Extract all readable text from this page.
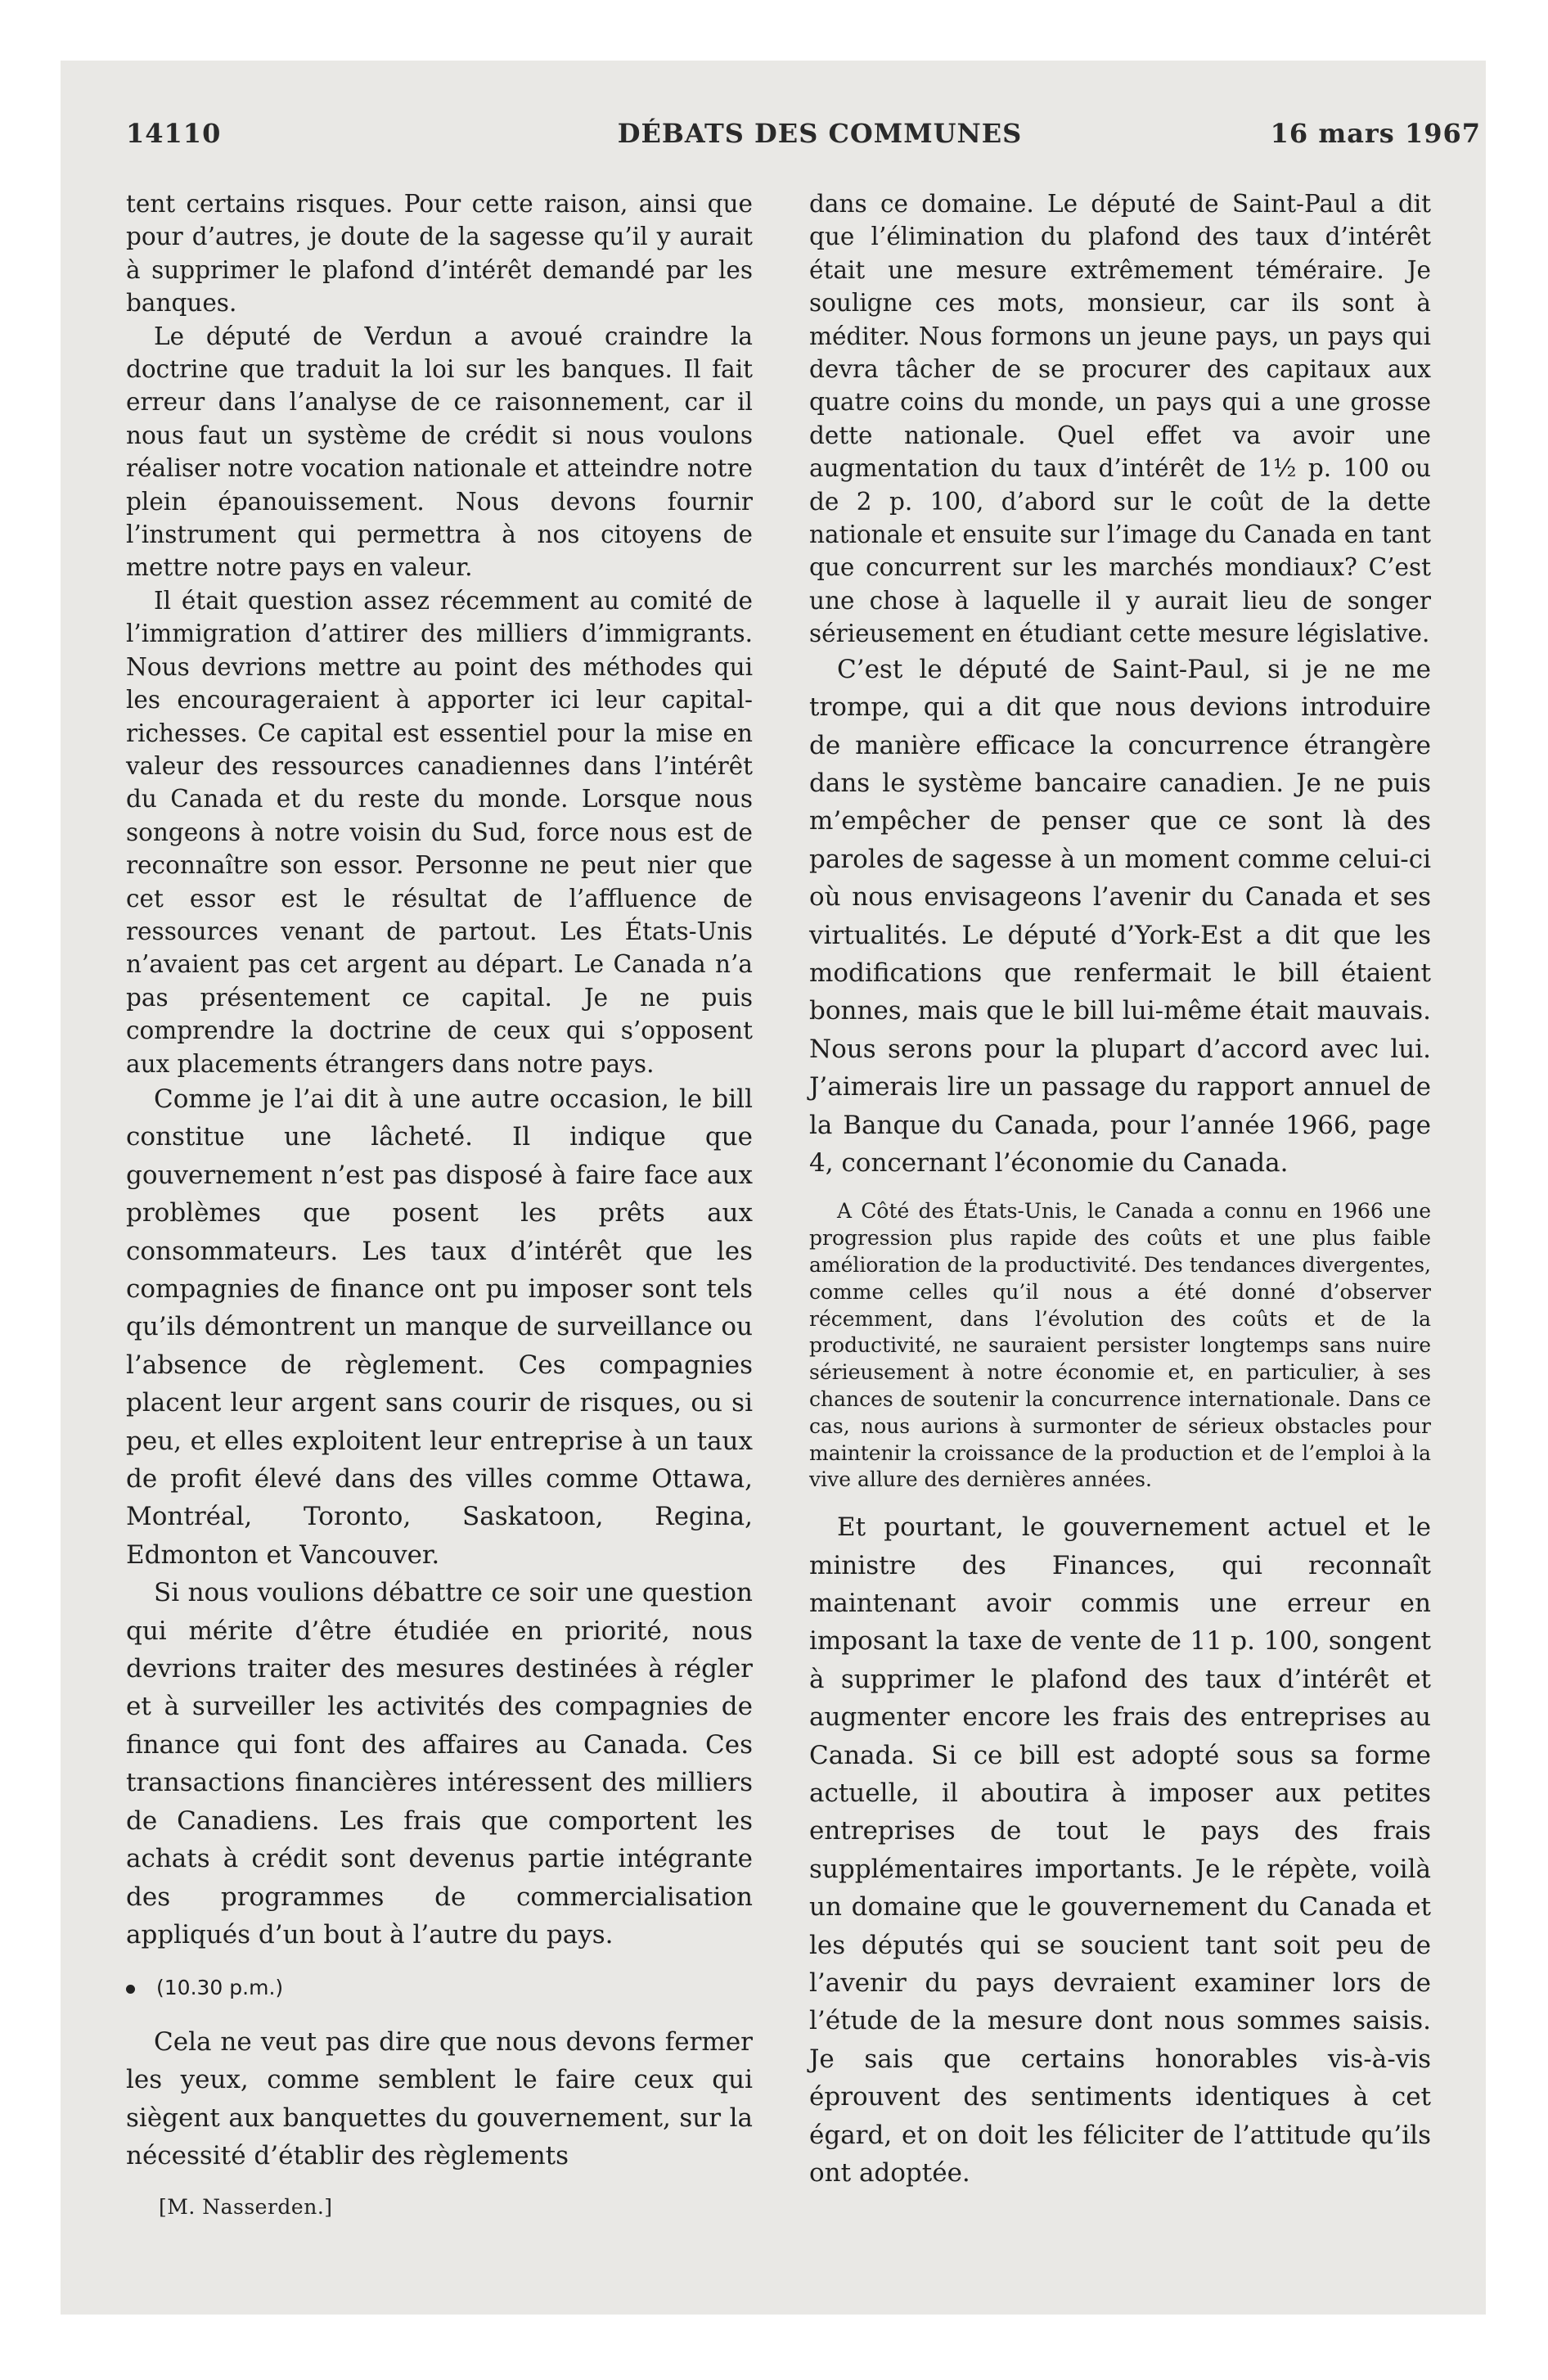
14110	DÉBATS DES COMMUNES	16 mars 1967

tent certains risques. Pour cette raison, ainsi que pour d’autres, je doute de la sagesse qu’il y aurait à supprimer le plafond d’intérêt demandé par les banques.

Le député de Verdun a avoué craindre la doctrine que traduit la loi sur les banques. Il fait erreur dans l’analyse de ce raisonnement, car il nous faut un système de crédit si nous voulons réaliser notre vocation nationale et atteindre notre plein épanouissement. Nous devons fournir l’instrument qui permettra à nos citoyens de mettre notre pays en valeur.

Il était question assez récemment au comité de l’immigration d’attirer des milliers d’immigrants. Nous devrions mettre au point des méthodes qui les encourageraient à apporter ici leur capital-richesses. Ce capital est essentiel pour la mise en valeur des ressources canadiennes dans l’intérêt du Canada et du reste du monde. Lorsque nous songeons à notre voisin du Sud, force nous est de reconnaître son essor. Personne ne peut nier que cet essor est le résultat de l’affluence de ressources venant de partout. Les États-Unis n’avaient pas cet argent au départ. Le Canada n’a pas présentement ce capital. Je ne puis comprendre la doctrine de ceux qui s’opposent aux placements étrangers dans notre pays.

Comme je l’ai dit à une autre occasion, le bill constitue une lâcheté. Il indique que gouvernement n’est pas disposé à faire face aux problèmes que posent les prêts aux consommateurs. Les taux d’intérêt que les compagnies de finance ont pu imposer sont tels qu’ils démontrent un manque de surveillance ou l’absence de règlement. Ces compagnies placent leur argent sans courir de risques, ou si peu, et elles exploitent leur entreprise à un taux de profit élevé dans des villes comme Ottawa, Montréal, Toronto, Saskatoon, Regina, Edmonton et Vancouver.

Si nous voulions débattre ce soir une question qui mérite d’être étudiée en priorité, nous devrions traiter des mesures destinées à régler et à surveiller les activités des compagnies de finance qui font des affaires au Canada. Ces transactions financières intéressent des milliers de Canadiens. Les frais que comportent les achats à crédit sont devenus partie intégrante des programmes de commercialisation appliqués d’un bout à l’autre du pays.

(10.30 p.m.)

Cela ne veut pas dire que nous devons fermer les yeux, comme semblent le faire ceux qui siègent aux banquettes du gouvernement, sur la nécessité d’établir des règlements

[M. Nasserden.]

dans ce domaine. Le député de Saint-Paul a dit que l’élimination du plafond des taux d’intérêt était une mesure extrêmement téméraire. Je souligne ces mots, monsieur, car ils sont à méditer. Nous formons un jeune pays, un pays qui devra tâcher de se procurer des capitaux aux quatre coins du monde, un pays qui a une grosse dette nationale. Quel effet va avoir une augmentation du taux d’intérêt de 1½ p. 100 ou de 2 p. 100, d’abord sur le coût de la dette nationale et ensuite sur l’image du Canada en tant que concurrent sur les marchés mondiaux? C’est une chose à laquelle il y aurait lieu de songer sérieusement en étudiant cette mesure législative.

C’est le député de Saint-Paul, si je ne me trompe, qui a dit que nous devions introduire de manière efficace la concurrence étrangère dans le système bancaire canadien. Je ne puis m’empêcher de penser que ce sont là des paroles de sagesse à un moment comme celui-ci où nous envisageons l’avenir du Canada et ses virtualités. Le député d’York-Est a dit que les modifications que renfermait le bill étaient bonnes, mais que le bill lui-même était mauvais. Nous serons pour la plupart d’accord avec lui. J’aimerais lire un passage du rapport annuel de la Banque du Canada, pour l’année 1966, page 4, concernant l’économie du Canada.

A Côté des États-Unis, le Canada a connu en 1966 une progression plus rapide des coûts et une plus faible amélioration de la productivité. Des tendances divergentes, comme celles qu’il nous a été donné d’observer récemment, dans l’évolution des coûts et de la productivité, ne sauraient persister longtemps sans nuire sérieusement à notre économie et, en particulier, à ses chances de soutenir la concurrence internationale. Dans ce cas, nous aurions à surmonter de sérieux obstacles pour maintenir la croissance de la production et de l’emploi à la vive allure des dernières années.

Et pourtant, le gouvernement actuel et le ministre des Finances, qui reconnaît maintenant avoir commis une erreur en imposant la taxe de vente de 11 p. 100, songent à supprimer le plafond des taux d’intérêt et augmenter encore les frais des entreprises au Canada. Si ce bill est adopté sous sa forme actuelle, il aboutira à imposer aux petites entreprises de tout le pays des frais supplémentaires importants. Je le répète, voilà un domaine que le gouvernement du Canada et les députés qui se soucient tant soit peu de l’avenir du pays devraient examiner lors de l’étude de la mesure dont nous sommes saisis. Je sais que certains honorables vis-à-vis éprouvent des sentiments identiques à cet égard, et on doit les féliciter de l’attitude qu’ils ont adoptée.
